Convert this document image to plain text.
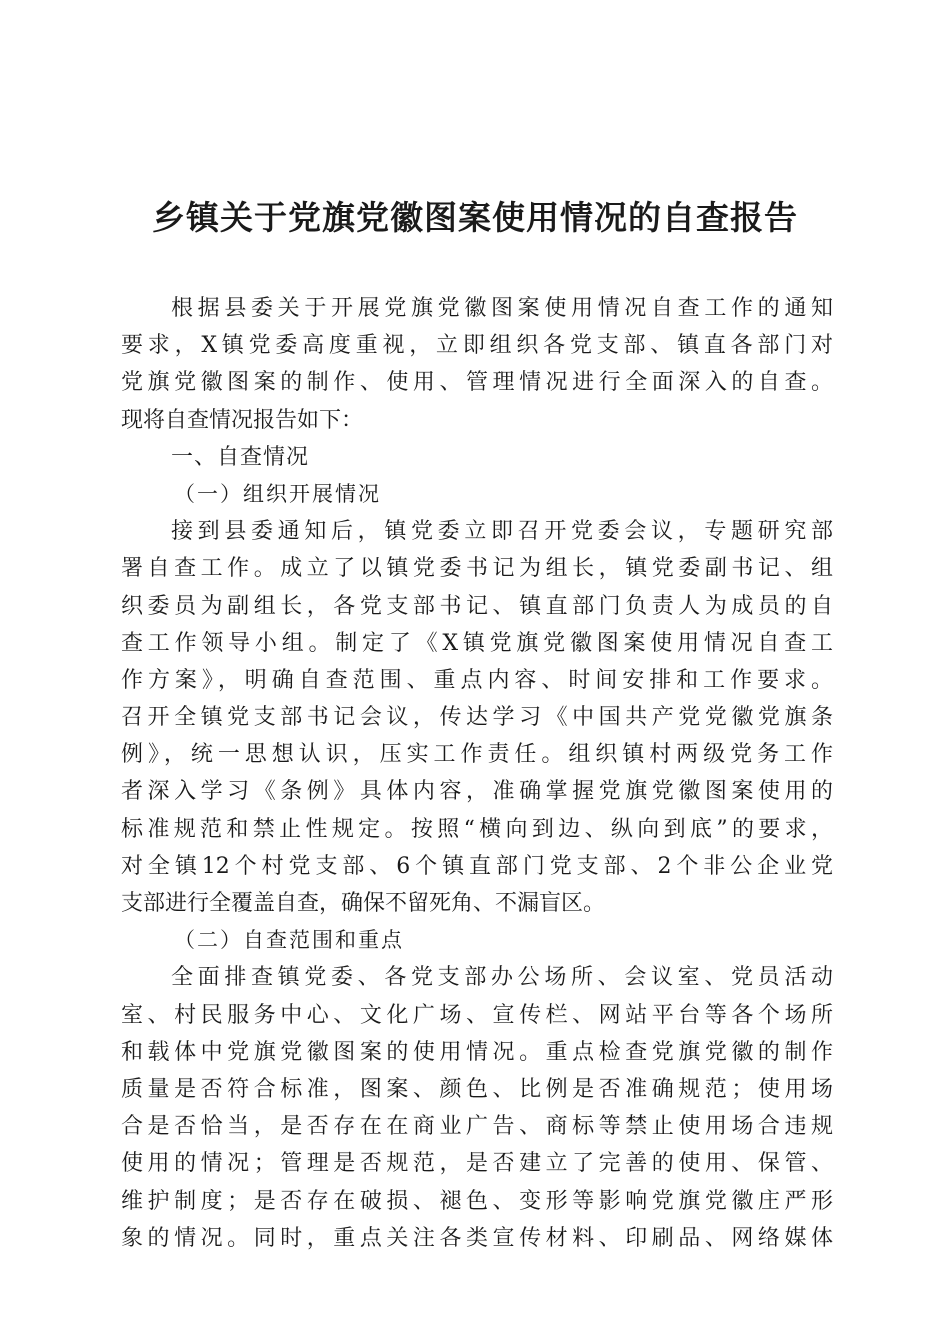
乡镇关于党旗党徽图案使用情况的自查报告
根据县委关于开展党旗党徽图案使用情况自查工作的通知
要求，X镇党委高度重视，立即组织各党支部、镇直各部门对
党旗党徽图案的制作、使用、管理情况进行全面深入的自查。
现将自查情况报告如下：
一、自查情况
（一）组织开展情况
接到县委通知后，镇党委立即召开党委会议，专题研究部
署自查工作。成立了以镇党委书记为组长，镇党委副书记、组
织委员为副组长，各党支部书记、镇直部门负责人为成员的自
查工作领导小组。制定了《X镇党旗党徽图案使用情况自查工
作方案》，明确自查范围、重点内容、时间安排和工作要求。
召开全镇党支部书记会议，传达学习《中国共产党党徽党旗条
例》，统一思想认识，压实工作责任。组织镇村两级党务工作
者深入学习《条例》具体内容，准确掌握党旗党徽图案使用的
标准规范和禁止性规定。按照“横向到边、纵向到底”的要求，
对全镇12个村党支部、6个镇直部门党支部、2个非公企业党
支部进行全覆盖自查，确保不留死角、不漏盲区。
（二）自查范围和重点
全面排查镇党委、各党支部办公场所、会议室、党员活动
室、村民服务中心、文化广场、宣传栏、网站平台等各个场所
和载体中党旗党徽图案的使用情况。重点检查党旗党徽的制作
质量是否符合标准，图案、颜色、比例是否准确规范；使用场
合是否恰当，是否存在在商业广告、商标等禁止使用场合违规
使用的情况；管理是否规范，是否建立了完善的使用、保管、
维护制度；是否存在破损、褪色、变形等影响党旗党徽庄严形
象的情况。同时，重点关注各类宣传材料、印刷品、网络媒体
